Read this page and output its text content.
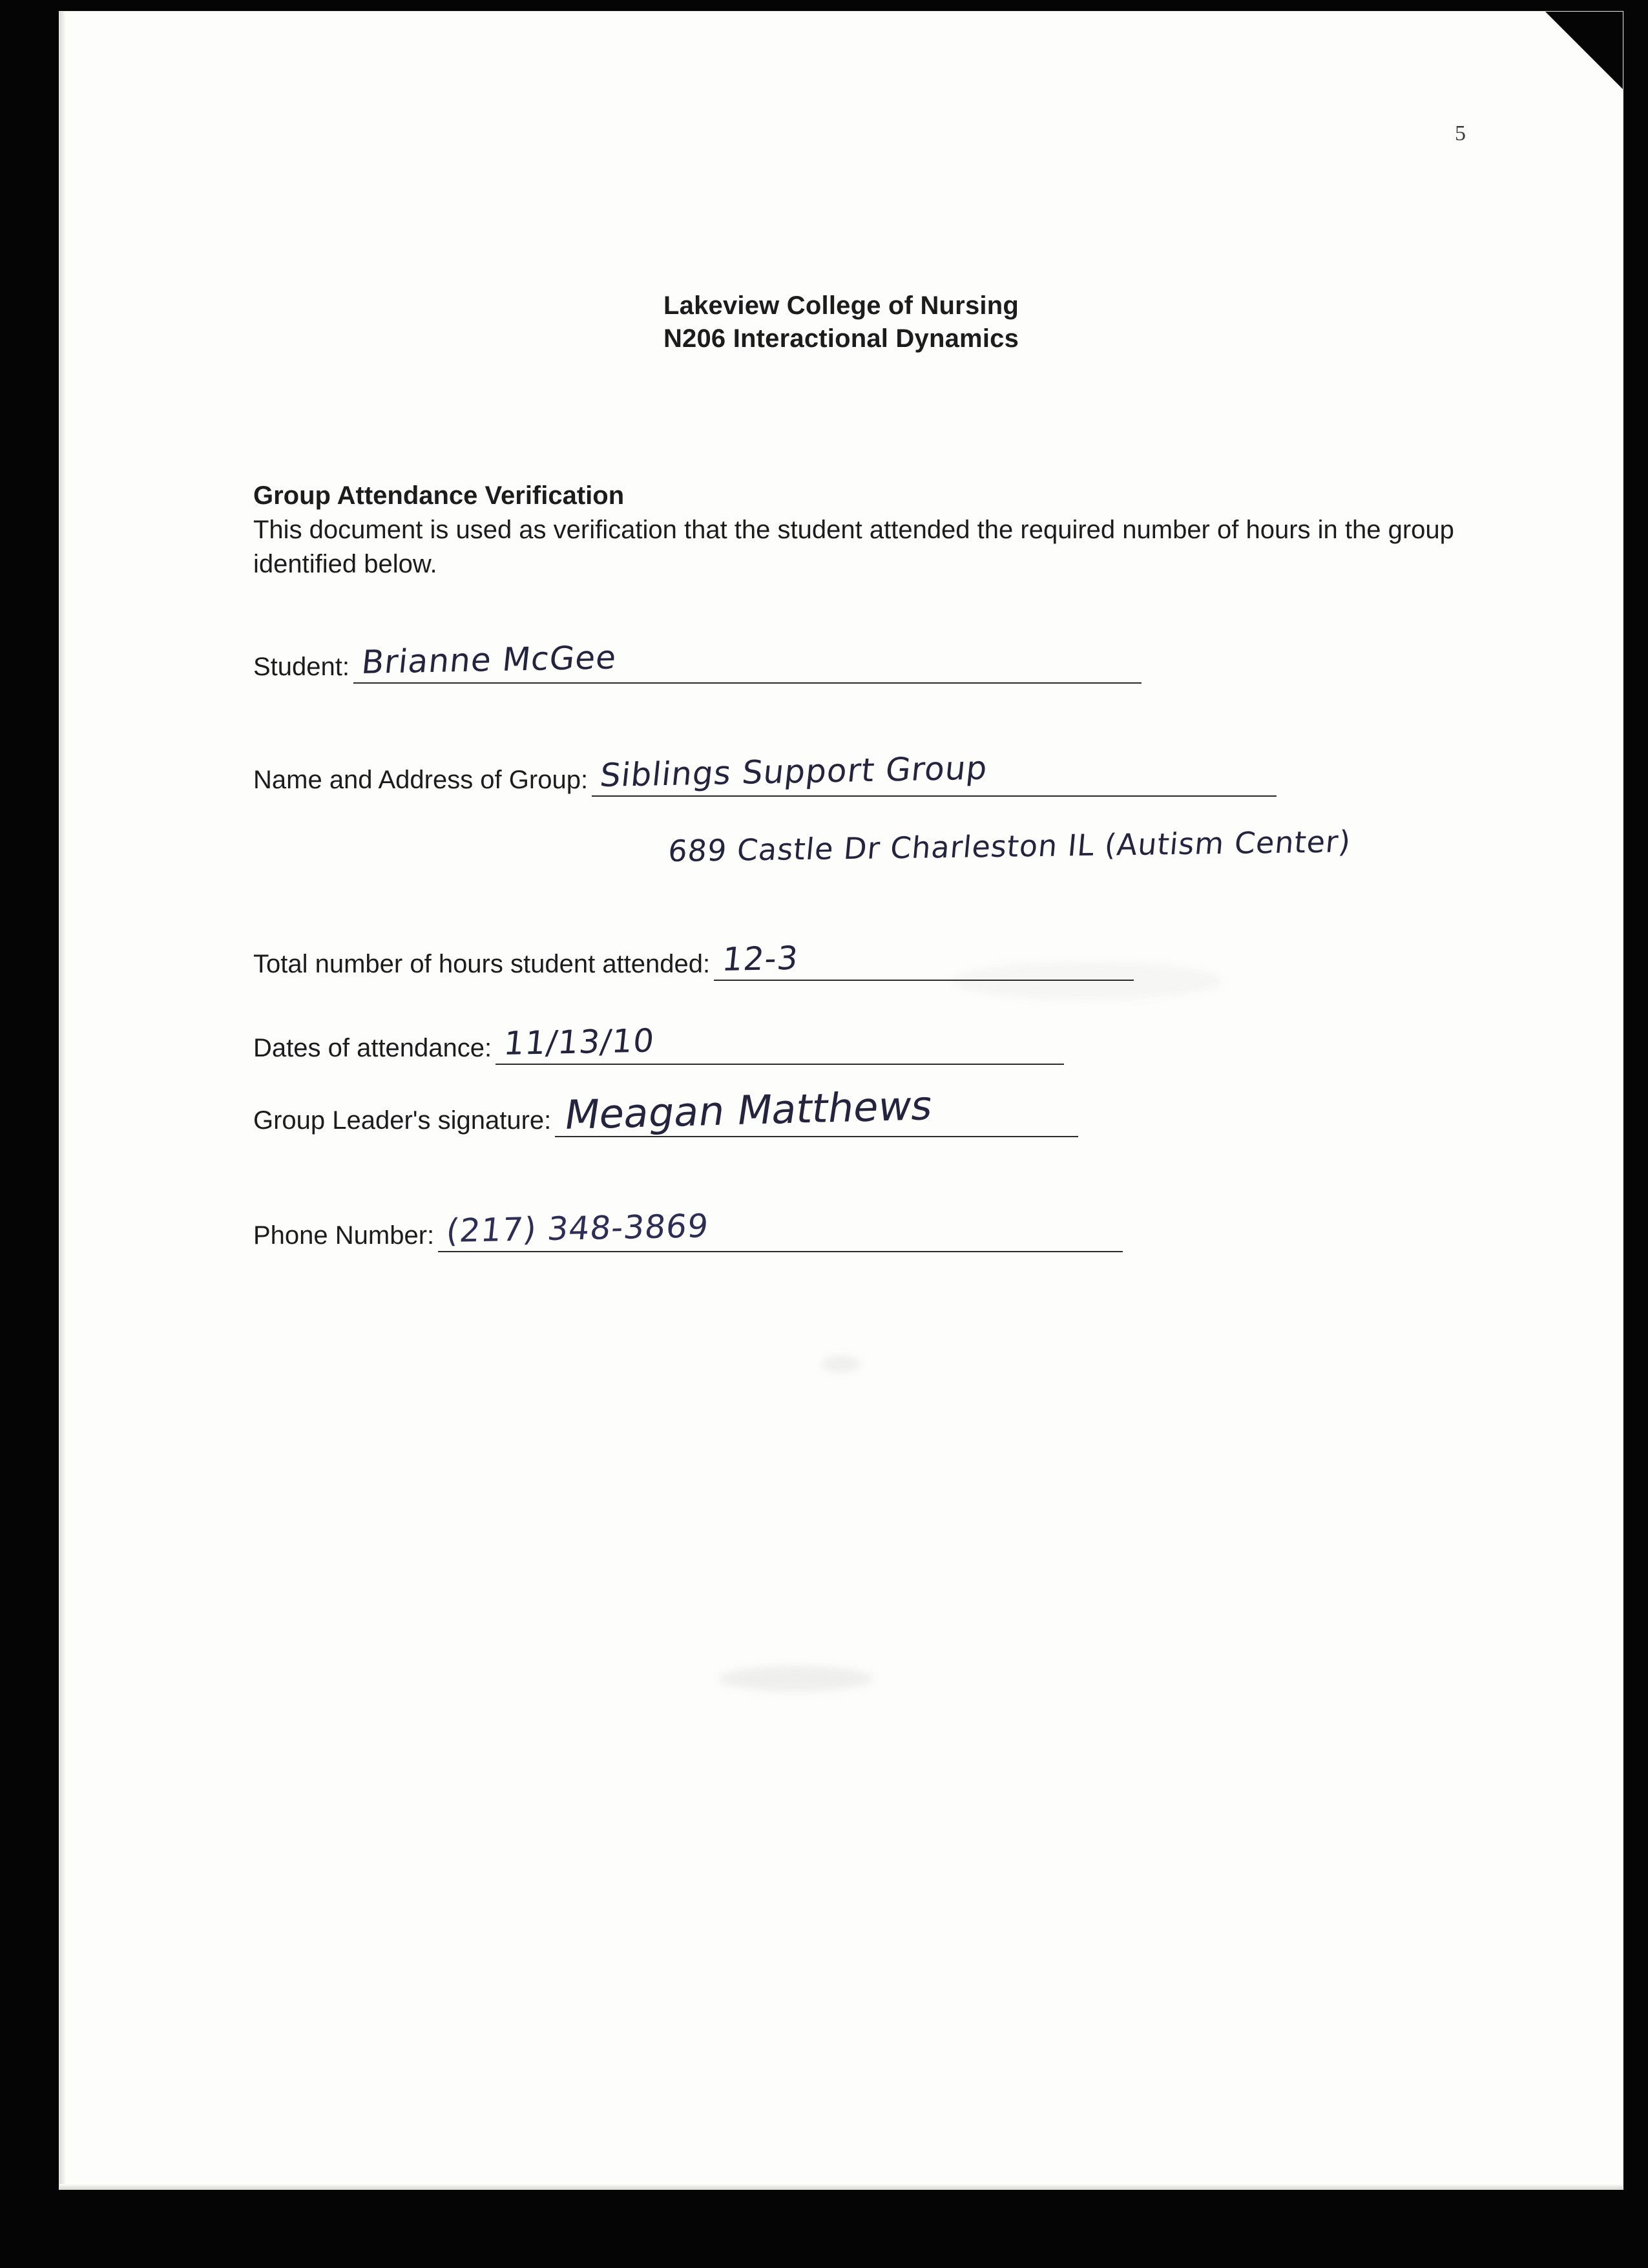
5
Lakeview College of Nursing
N206 Interactional Dynamics
Group Attendance Verification
This document is used as verification that the student attended the required number of hours in the group identified below.
Student: Brianne McGee
Name and Address of Group: Siblings Support Group
689 Castle Dr Charleston IL (Autism Center)
Total number of hours student attended: 12-3
Dates of attendance: 11/13/10
Group Leader's signature: Meagan Matthews
Phone Number: (217) 348-3869
